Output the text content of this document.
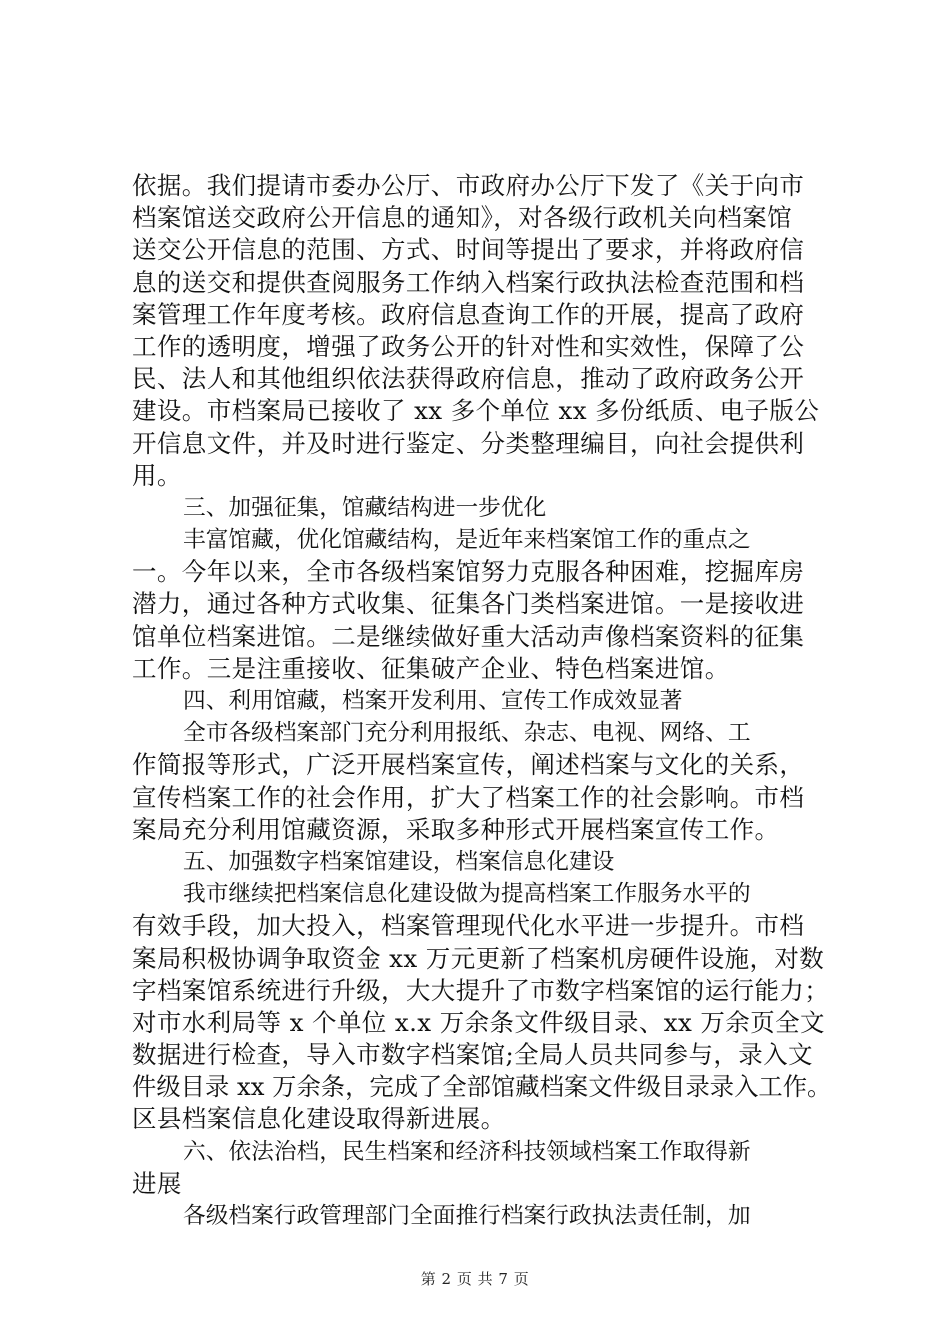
依据。我们提请市委办公厅、市政府办公厅下发了《关于向市
档案馆送交政府公开信息的通知》，对各级行政机关向档案馆
送交公开信息的范围、方式、时间等提出了要求，并将政府信
息的送交和提供查阅服务工作纳入档案行政执法检查范围和档
案管理工作年度考核。政府信息查询工作的开展，提高了政府
工作的透明度，增强了政务公开的针对性和实效性，保障了公
民、法人和其他组织依法获得政府信息，推动了政府政务公开
建设。市档案局已接收了 xx 多个单位 xx 多份纸质、电子版公
开信息文件，并及时进行鉴定、分类整理编目，向社会提供利
用。
三、加强征集，馆藏结构进一步优化
丰富馆藏，优化馆藏结构，是近年来档案馆工作的重点之
一。今年以来，全市各级档案馆努力克服各种困难，挖掘库房
潜力，通过各种方式收集、征集各门类档案进馆。一是接收进
馆单位档案进馆。二是继续做好重大活动声像档案资料的征集
工作。三是注重接收、征集破产企业、特色档案进馆。
四、利用馆藏，档案开发利用、宣传工作成效显著
全市各级档案部门充分利用报纸、杂志、电视、网络、工
作简报等形式，广泛开展档案宣传，阐述档案与文化的关系，
宣传档案工作的社会作用，扩大了档案工作的社会影响。市档
案局充分利用馆藏资源，采取多种形式开展档案宣传工作。
五、加强数字档案馆建设，档案信息化建设
我市继续把档案信息化建设做为提高档案工作服务水平的
有效手段，加大投入，档案管理现代化水平进一步提升。市档
案局积极协调争取资金 xx 万元更新了档案机房硬件设施，对数
字档案馆系统进行升级，大大提升了市数字档案馆的运行能力；
对市水利局等 x 个单位 x.x 万余条文件级目录、xx 万余页全文
数据进行检查，导入市数字档案馆;全局人员共同参与，录入文
件级目录 xx 万余条，完成了全部馆藏档案文件级目录录入工作。
区县档案信息化建设取得新进展。
六、依法治档，民生档案和经济科技领域档案工作取得新
进展
各级档案行政管理部门全面推行档案行政执法责任制，加
第 2 页 共 7 页
